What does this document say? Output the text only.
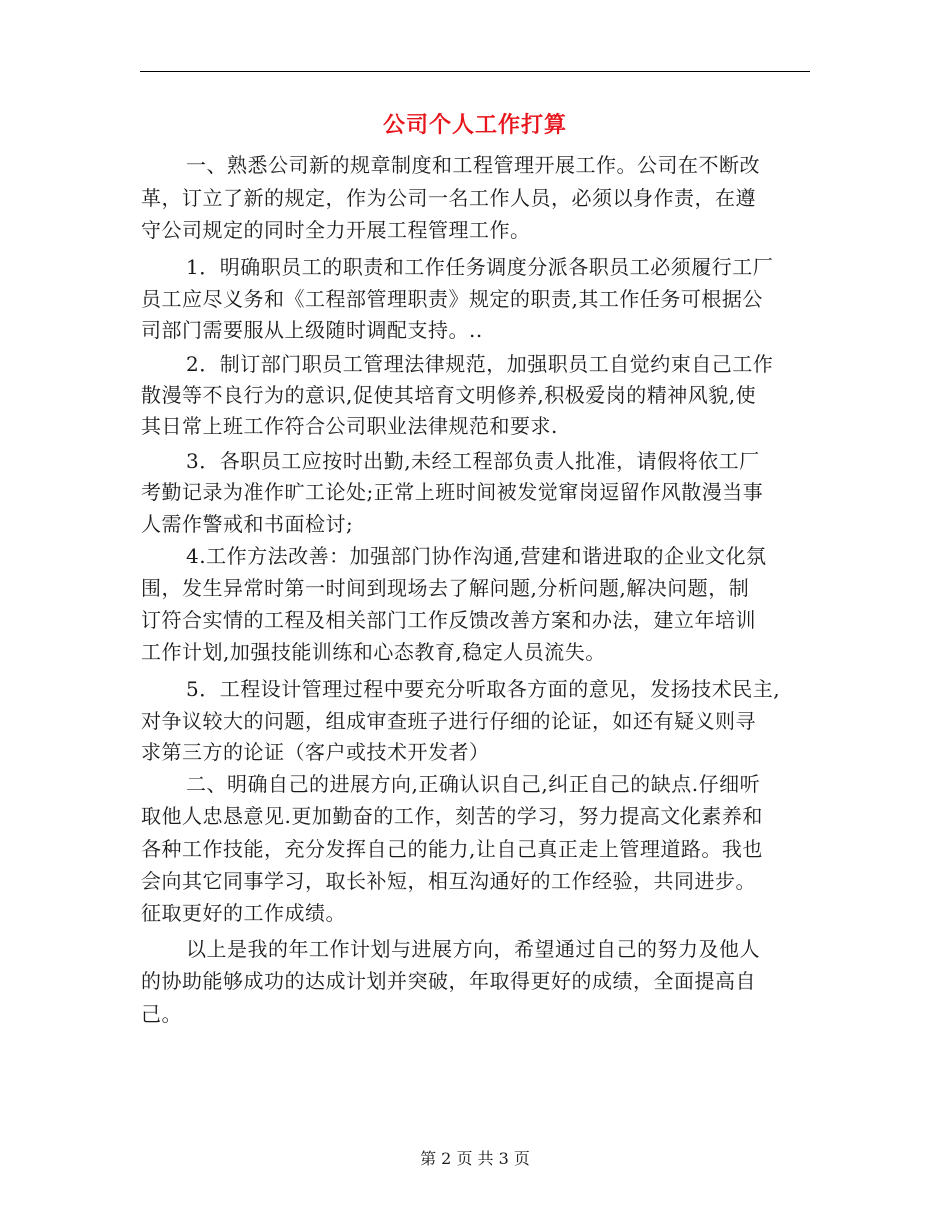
公司个人工作打算
一、熟悉公司新的规章制度和工程管理开展工作。公司在不断改
革，订立了新的规定，作为公司一名工作人员，必须以身作责，在遵
守公司规定的同时全力开展工程管理工作。
1．明确职员工的职责和工作任务调度分派各职员工必须履行工厂
员工应尽义务和《工程部管理职责》规定的职责,其工作任务可根据公
司部门需要服从上级随时调配支持。..
2．制订部门职员工管理法律规范，加强职员工自觉约束自己工作
散漫等不良行为的意识,促使其培育文明修养,积极爱岗的精神风貌,使
其日常上班工作符合公司职业法律规范和要求.
3．各职员工应按时出勤,未经工程部负责人批准，请假将依工厂
考勤记录为准作旷工论处;正常上班时间被发觉窜岗逗留作风散漫当事
人需作警戒和书面检讨;
4.工作方法改善：加强部门协作沟通,营建和谐进取的企业文化氛
围，发生异常时第一时间到现场去了解问题,分析问题,解决问题，制
订符合实情的工程及相关部门工作反馈改善方案和办法，建立年培训
工作计划,加强技能训练和心态教育,稳定人员流失。
5．工程设计管理过程中要充分听取各方面的意见，发扬技术民主,
对争议较大的问题，组成审查班子进行仔细的论证，如还有疑义则寻
求第三方的论证（客户或技术开发者）
二、明确自己的进展方向,正确认识自己,纠正自己的缺点.仔细听
取他人忠恳意见.更加勤奋的工作，刻苦的学习，努力提高文化素养和
各种工作技能，充分发挥自己的能力,让自己真正走上管理道路。我也
会向其它同事学习，取长补短，相互沟通好的工作经验，共同进步。
征取更好的工作成绩。
以上是我的年工作计划与进展方向，希望通过自己的努力及他人
的协助能够成功的达成计划并突破，年取得更好的成绩，全面提高自
己。
第 2 页 共 3 页
